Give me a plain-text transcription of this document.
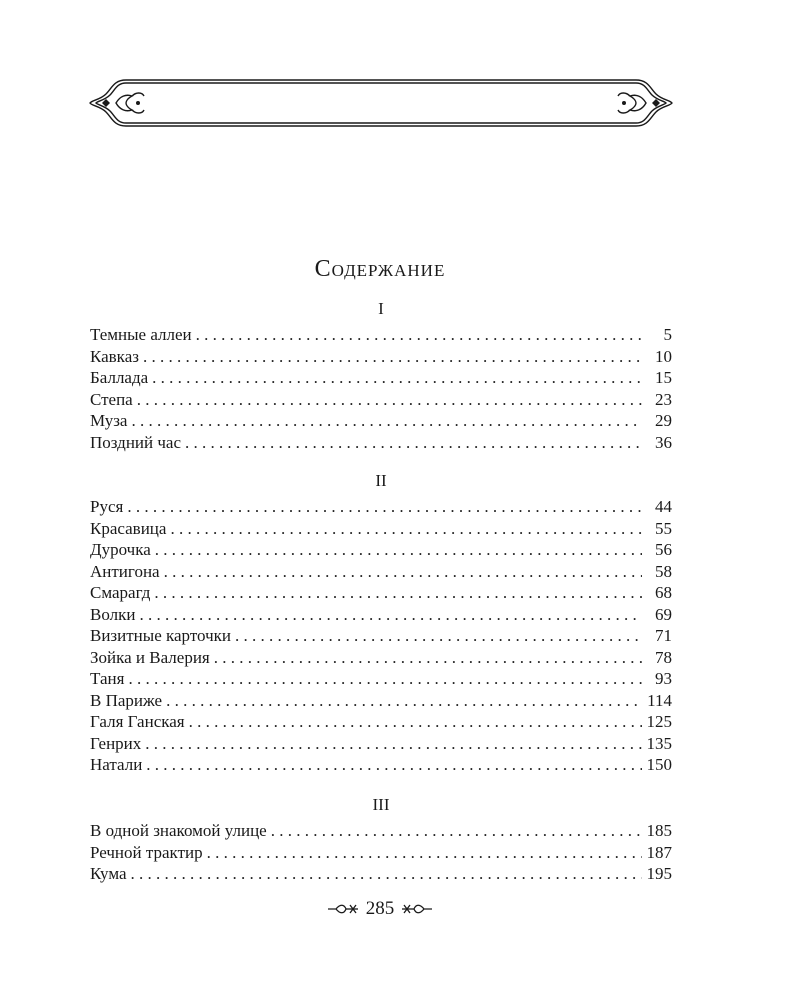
Содержание
I
Темные аллеи . . .	5
Кавказ . . .	10
Баллада . . .	15
Степа . . .	23
Муза . . .	29
Поздний час . . .	36
II
Руся . . .	44
Красавица . . .	55
Дурочка . . .	56
Антигона . . .	58
Смарагд . . .	68
Волки . . .	69
Визитные карточки . . .	71
Зойка и Валерия . . .	78
Таня . . .	93
В Париже . . .	114
Галя Ганская . . .	125
Генрих . . .	135
Натали . . .	150
III
В одной знакомой улице . . .	185
Речной трактир . . .	187
Кума . . .	195
285
